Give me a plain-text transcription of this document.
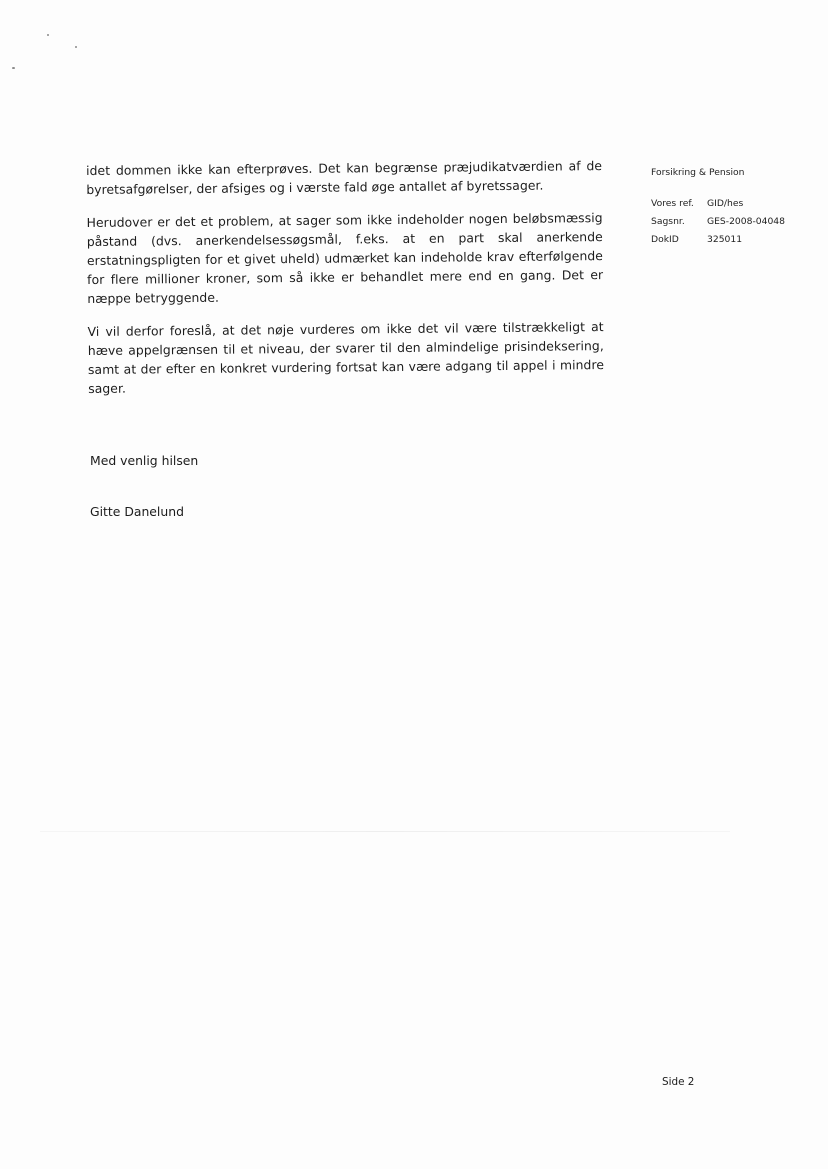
idet dommen ikke kan efterprøves. Det kan begrænse præjudikatværdien af de byretsafgørelser, der afsiges og i værste fald øge antallet af byretssager.

Herudover er det et problem, at sager som ikke indeholder nogen beløbsmæssig påstand (dvs. anerkendelsessøgsmål, f.eks. at en part skal anerkende erstatningspligten for et givet uheld) udmærket kan indeholde krav efterfølgende for flere millioner kroner, som så ikke er behandlet mere end en gang. Det er næppe betryggende.

Vi vil derfor foreslå, at det nøje vurderes om ikke det vil være tilstrækkeligt at hæve appelgrænsen til et niveau, der svarer til den almindelige prisindeksering, samt at der efter en konkret vurdering fortsat kan være adgang til appel i mindre sager.

Med venlig hilsen

Gitte Danelund

Forsikring & Pension

Vores ref.	GID/hes
Sagsnr.	GES-2008-04048
DokID	325011
Side 2
